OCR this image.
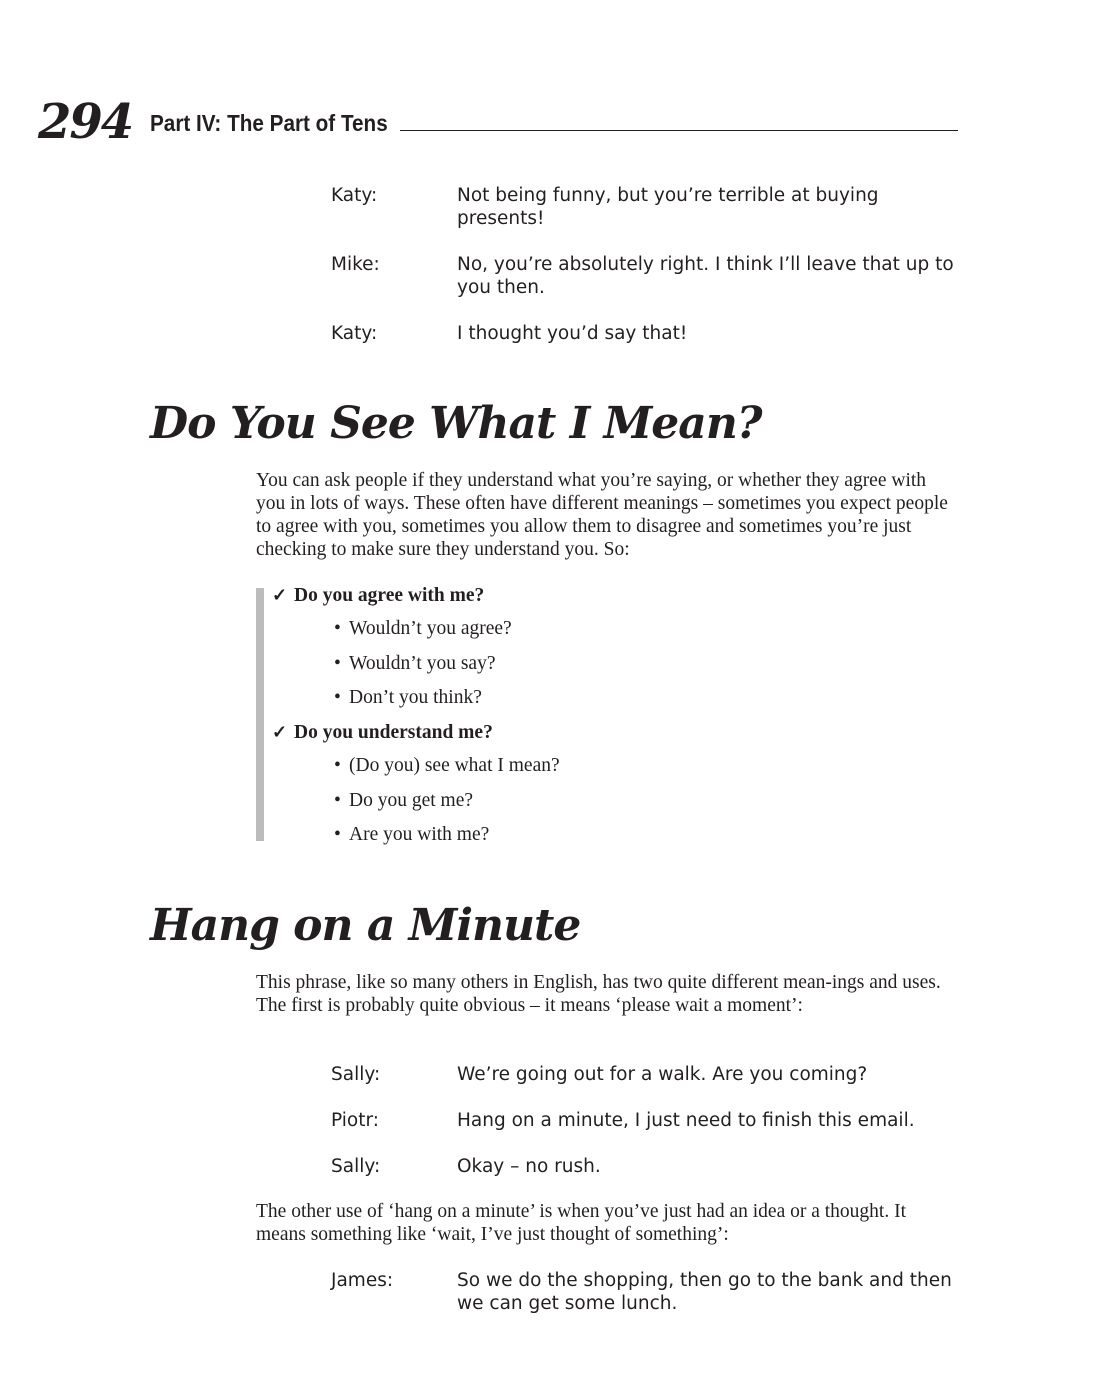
294 Part IV: The Part of Tens
Katy:	Not being funny, but you’re terrible at buying presents!
Mike:	No, you’re absolutely right. I think I’ll leave that up to you then.
Katy:	I thought you’d say that!
Do You See What I Mean?

You can ask people if they understand what you’re saying, or whether they agree with you in lots of ways. These often have different meanings – sometimes you expect people to agree with you, sometimes you allow them to disagree and sometimes you’re just checking to make sure they understand you. So:

✓ Do you agree with me?
• Wouldn’t you agree?
• Wouldn’t you say?
• Don’t you think?
✓ Do you understand me?
• (Do you) see what I mean?
• Do you get me?
• Are you with me?
Hang on a Minute

This phrase, like so many others in English, has two quite different mean-ings and uses. The first is probably quite obvious – it means ‘please wait a moment’:

Sally:	We’re going out for a walk. Are you coming?
Piotr:	Hang on a minute, I just need to finish this email.
Sally:	Okay – no rush.

The other use of ‘hang on a minute’ is when you’ve just had an idea or a thought. It means something like ‘wait, I’ve just thought of something’:

James:	So we do the shopping, then go to the bank and then we can get some lunch.
